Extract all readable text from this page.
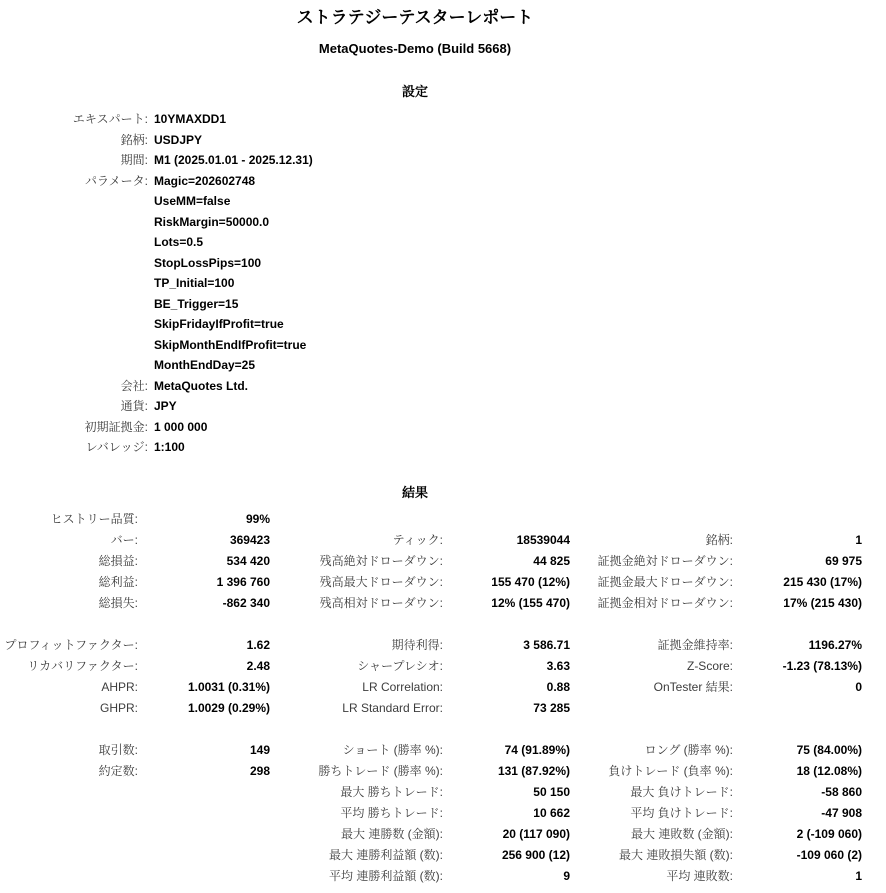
ストラテジーテスターレポート
MetaQuotes-Demo (Build 5668)
設定
エキスパート:	10YMAXDD1
銘柄:	USDJPY
期間:	M1 (2025.01.01 - 2025.12.31)
パラメータ:	Magic=202602748
	UseMM=false
	RiskMargin=50000.0
	Lots=0.5
	StopLossPips=100
	TP_Initial=100
	BE_Trigger=15
	SkipFridayIfProfit=true
	SkipMonthEndIfProfit=true
	MonthEndDay=25
会社:	MetaQuotes Ltd.
通貨:	JPY
初期証拠金:	1 000 000
レバレッジ:	1:100
結果
ヒストリー品質:	99%				
バー:	369423	ティック:	18539044	銘柄:	1
総損益:	534 420	残高絶対ドローダウン:	44 825	証拠金絶対ドローダウン:	69 975
総利益:	1 396 760	残高最大ドローダウン:	155 470 (12%)	証拠金最大ドローダウン:	215 430 (17%)
総損失:	-862 340	残高相対ドローダウン:	12% (155 470)	証拠金相対ドローダウン:	17% (215 430)

プロフィットファクター:	1.62	期待利得:	3 586.71	証拠金維持率:	1196.27%
リカバリファクター:	2.48	シャープレシオ:	3.63	Z-Score:	-1.23 (78.13%)
AHPR:	1.0031 (0.31%)	LR Correlation:	0.88	OnTester 結果:	0
GHPR:	1.0029 (0.29%)	LR Standard Error:	73 285		

取引数:	149	ショート (勝率 %):	74 (91.89%)	ロング (勝率 %):	75 (84.00%)
約定数:	298	勝ちトレード (勝率 %):	131 (87.92%)	負けトレード (負率 %):	18 (12.08%)
		最大 勝ちトレード:	50 150	最大 負けトレード:	-58 860
		平均 勝ちトレード:	10 662	平均 負けトレード:	-47 908
		最大 連勝数 (金額):	20 (117 090)	最大 連敗数 (金額):	2 (-109 060)
		最大 連勝利益額 (数):	256 900 (12)	最大 連敗損失額 (数):	-109 060 (2)
		平均 連勝利益額 (数):	9	平均 連敗数:	1
